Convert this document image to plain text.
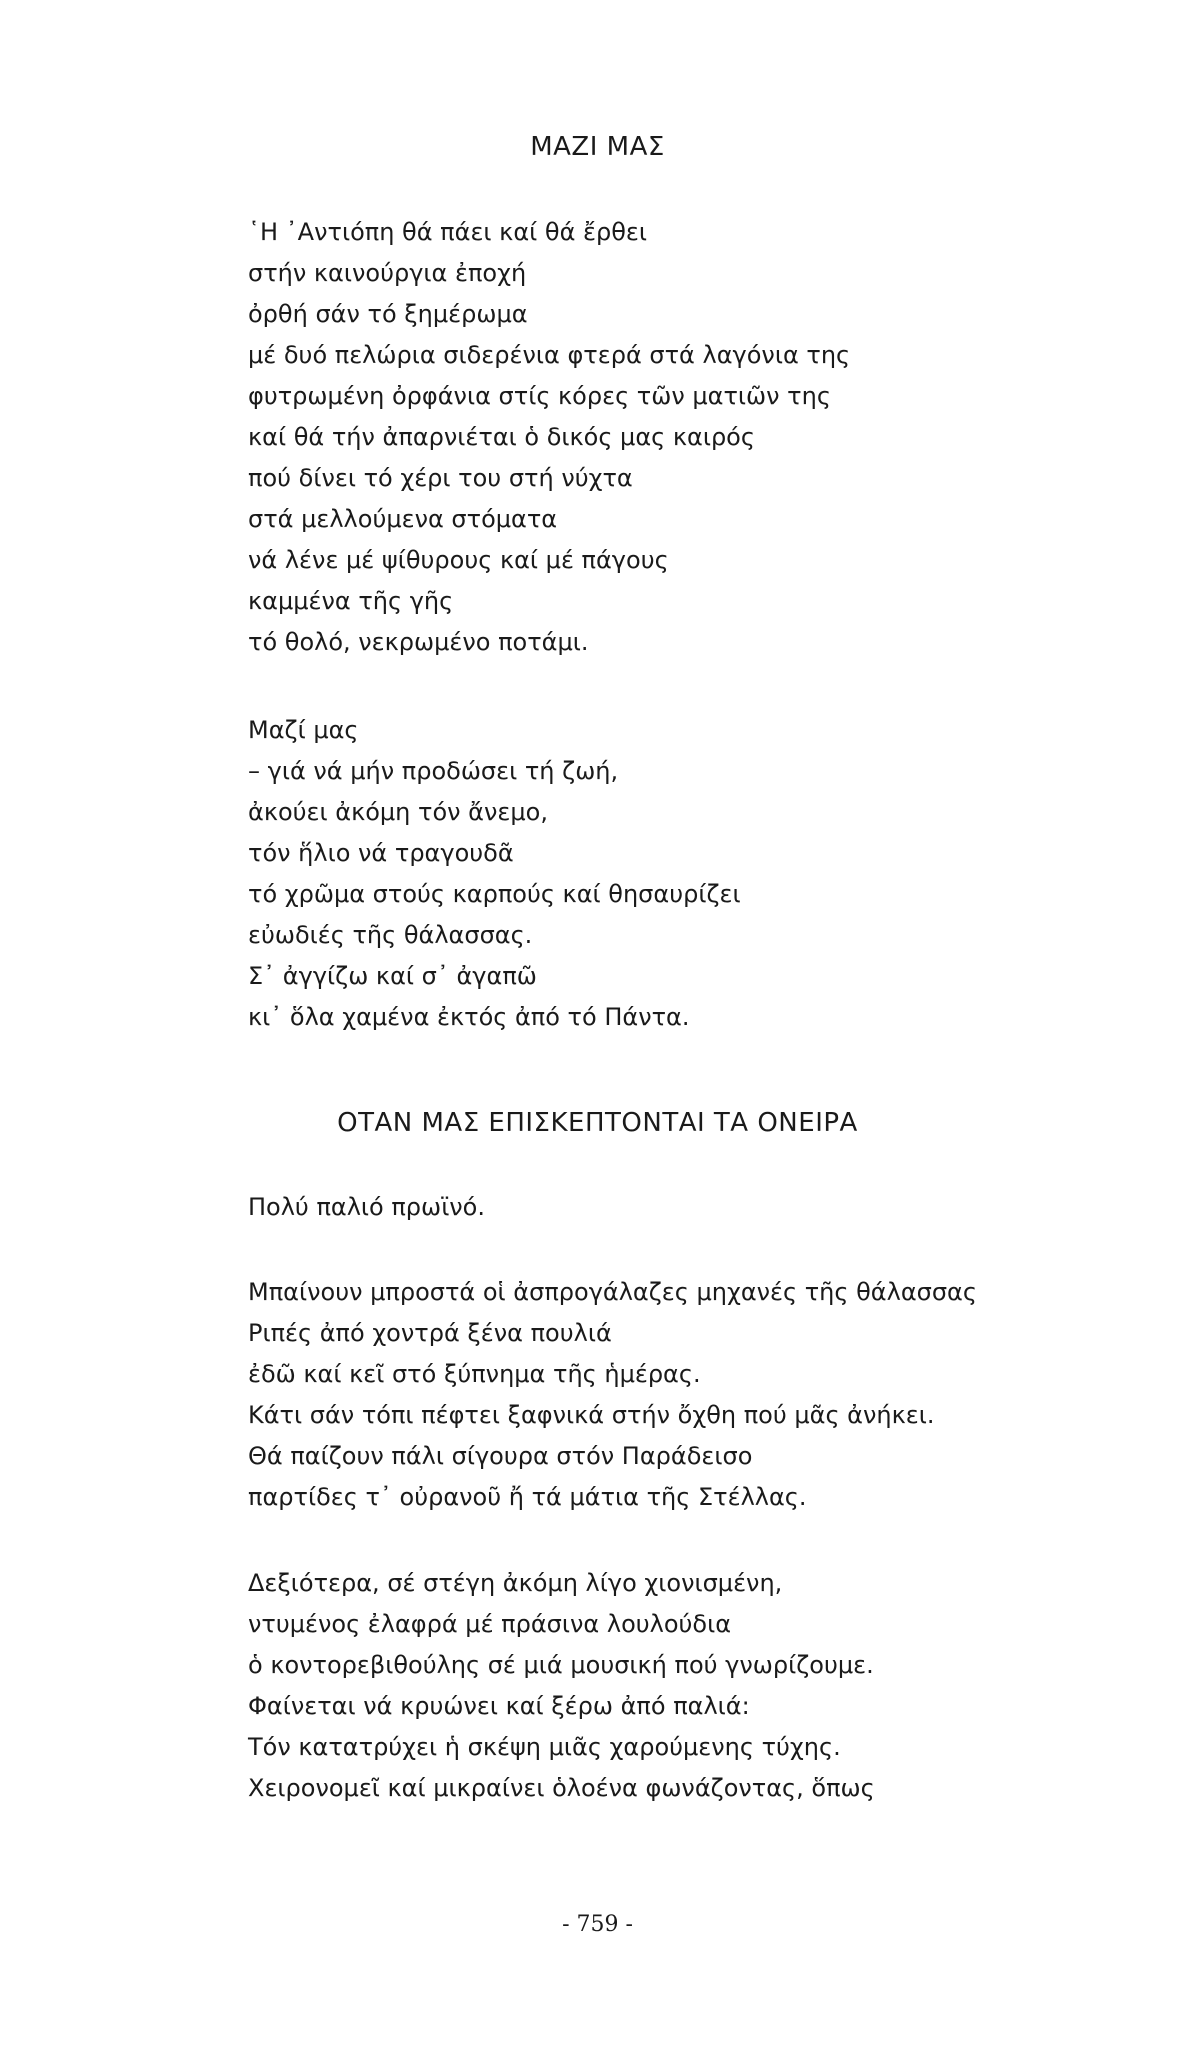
ΜΑΖΙ ΜΑΣ

῾Η ᾿Αντιόπη θά πάει καί θά ἔρθει

στήν καινούργια ἐποχή

ὀρθή σάν τό ξημέρωμα

μέ δυό πελώρια σιδερένια φτερά στά λαγόνια της

φυτρωμένη ὀρφάνια στίς κόρες τῶν ματιῶν της

καί θά τήν ἀπαρνιέται ὁ δικός μας καιρός

πού δίνει τό χέρι του στή νύχτα

στά μελλούμενα στόματα

νά λένε μέ ψίθυρους καί μέ πάγους

καμμένα τῆς γῆς

τό θολό, νεκρωμένο ποτάμι.

Μαζί μας

– γιά νά μήν προδώσει τή ζωή,

ἀκούει ἀκόμη τόν ἄνεμο,

τόν ἥλιο νά τραγουδᾶ

τό χρῶμα στούς καρπούς καί θησαυρίζει

εὐωδιές τῆς θάλασσας.

Σ᾿ ἀγγίζω καί σ᾿ ἀγαπῶ

κι᾿ ὅλα χαμένα ἐκτός ἀπό τό Πάντα.

ΟΤΑΝ ΜΑΣ ΕΠΙΣΚΕΠΤΟΝΤΑΙ ΤΑ ΟΝΕΙΡΑ

Πολύ παλιό πρωϊνό.

Μπαίνουν μπροστά οἱ ἀσπρογάλαζες μηχανές τῆς θάλασσας

Ριπές ἀπό χοντρά ξένα πουλιά

ἐδῶ καί κεῖ στό ξύπνημα τῆς ἡμέρας.

Κάτι σάν τόπι πέφτει ξαφνικά στήν ὄχθη πού μᾶς ἀνήκει.

Θά παίζουν πάλι σίγουρα στόν Παράδεισο

παρτίδες τ᾿ οὐρανοῦ ἤ τά μάτια τῆς Στέλλας.

Δεξιότερα, σέ στέγη ἀκόμη λίγο χιονισμένη,

ντυμένος ἐλαφρά μέ πράσινα λουλούδια

ὁ κοντορεβιθούλης σέ μιά μουσική πού γνωρίζουμε.

Φαίνεται νά κρυώνει καί ξέρω ἀπό παλιά:

Τόν κατατρύχει ἡ σκέψη μιᾶς χαρούμενης τύχης.

Χειρονομεῖ καί μικραίνει ὁλοένα φωνάζοντας, ὅπως

- 759 -
